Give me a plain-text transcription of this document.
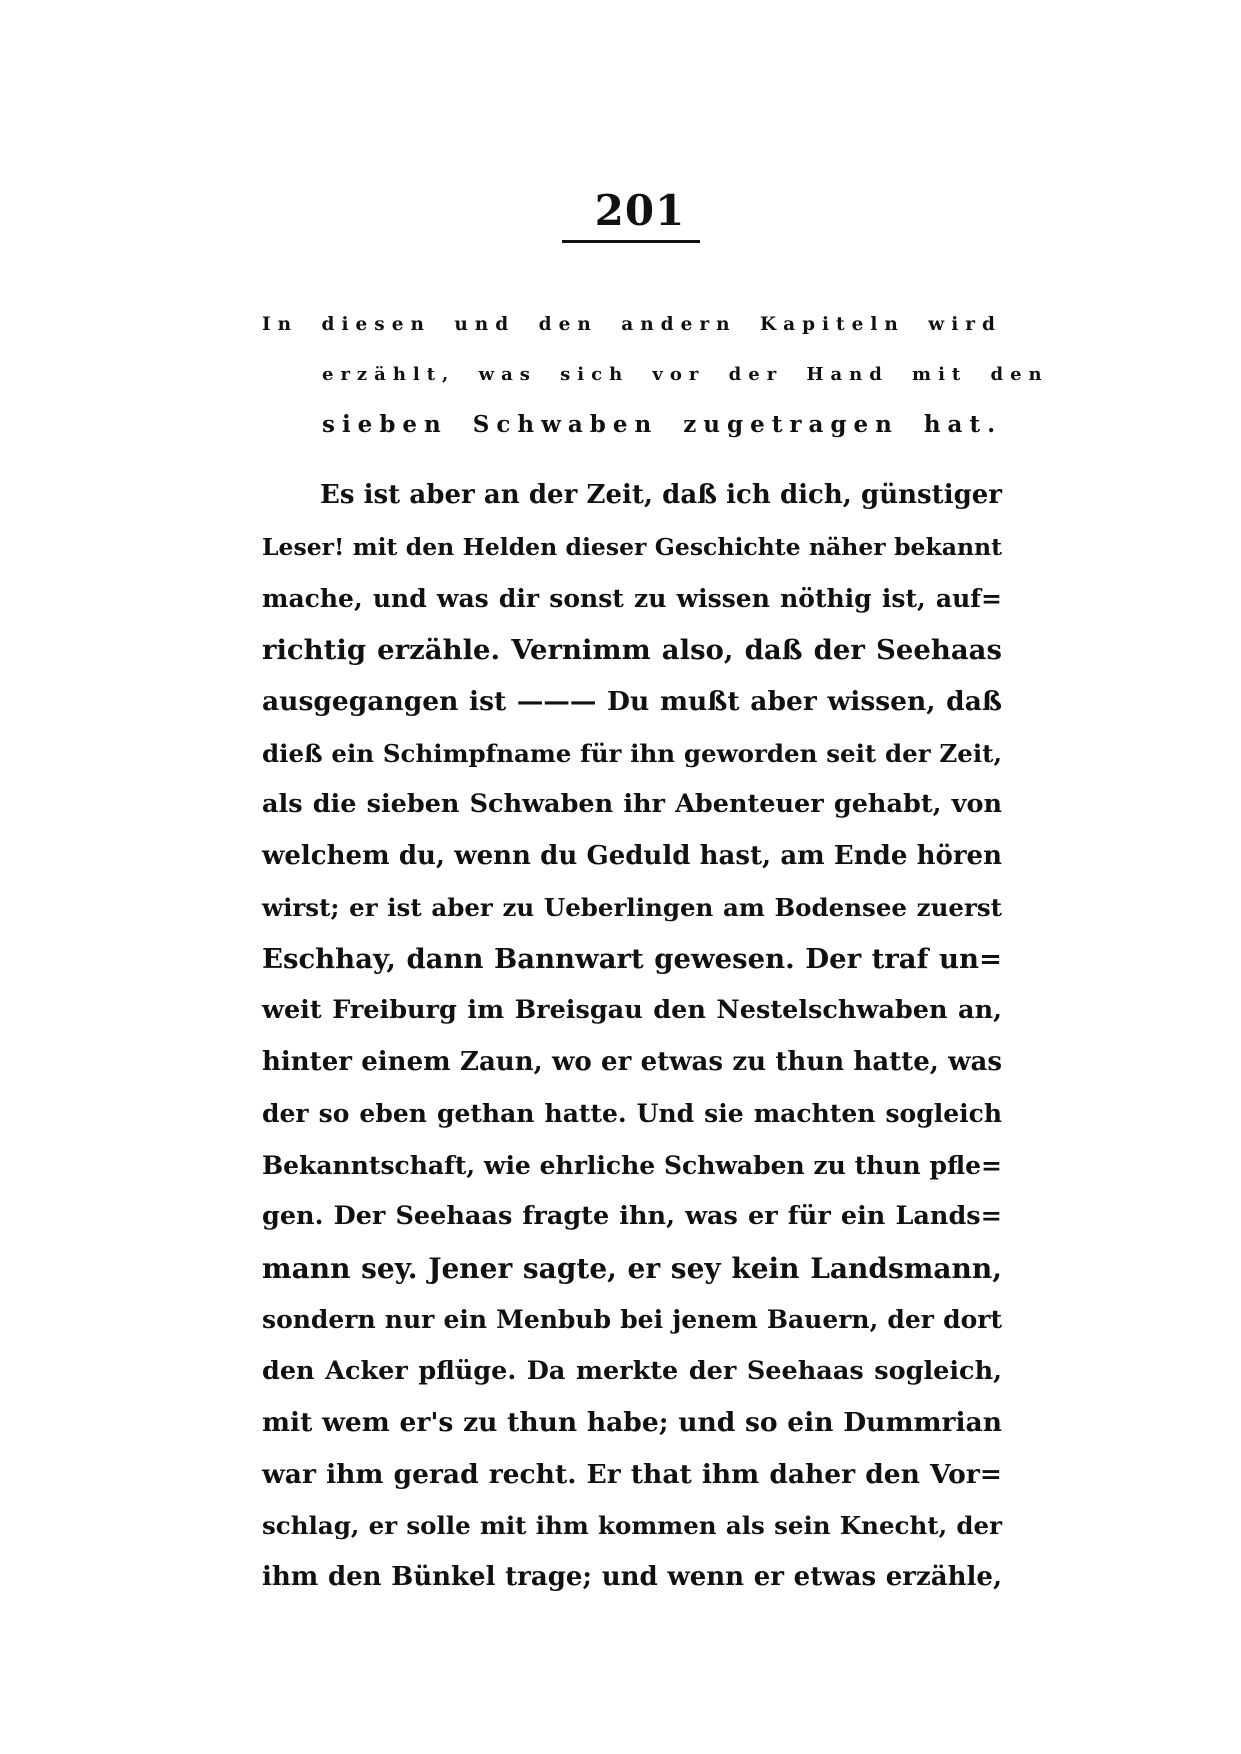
201
In diesen und den andern Kapiteln wird
erzählt, was sich vor der Hand mit den
sieben Schwaben zugetragen hat.
Es ist aber an der Zeit, daß ich dich, günstiger
Leser! mit den Helden dieser Geschichte näher bekannt
mache, und was dir sonst zu wissen nöthig ist, auf=
richtig erzähle. Vernimm also, daß der Seehaas
ausgegangen ist ——— Du mußt aber wissen, daß
dieß ein Schimpfname für ihn geworden seit der Zeit,
als die sieben Schwaben ihr Abenteuer gehabt, von
welchem du, wenn du Geduld hast, am Ende hören
wirst; er ist aber zu Ueberlingen am Bodensee zuerst
Eschhay, dann Bannwart gewesen. Der traf un=
weit Freiburg im Breisgau den Nestelschwaben an,
hinter einem Zaun, wo er etwas zu thun hatte, was
der so eben gethan hatte. Und sie machten sogleich
Bekanntschaft, wie ehrliche Schwaben zu thun pfle=
gen. Der Seehaas fragte ihn, was er für ein Lands=
mann sey. Jener sagte, er sey kein Landsmann,
sondern nur ein Menbub bei jenem Bauern, der dort
den Acker pflüge. Da merkte der Seehaas sogleich,
mit wem er's zu thun habe; und so ein Dummrian
war ihm gerad recht. Er that ihm daher den Vor=
schlag, er solle mit ihm kommen als sein Knecht, der
ihm den Bünkel trage; und wenn er etwas erzähle,
